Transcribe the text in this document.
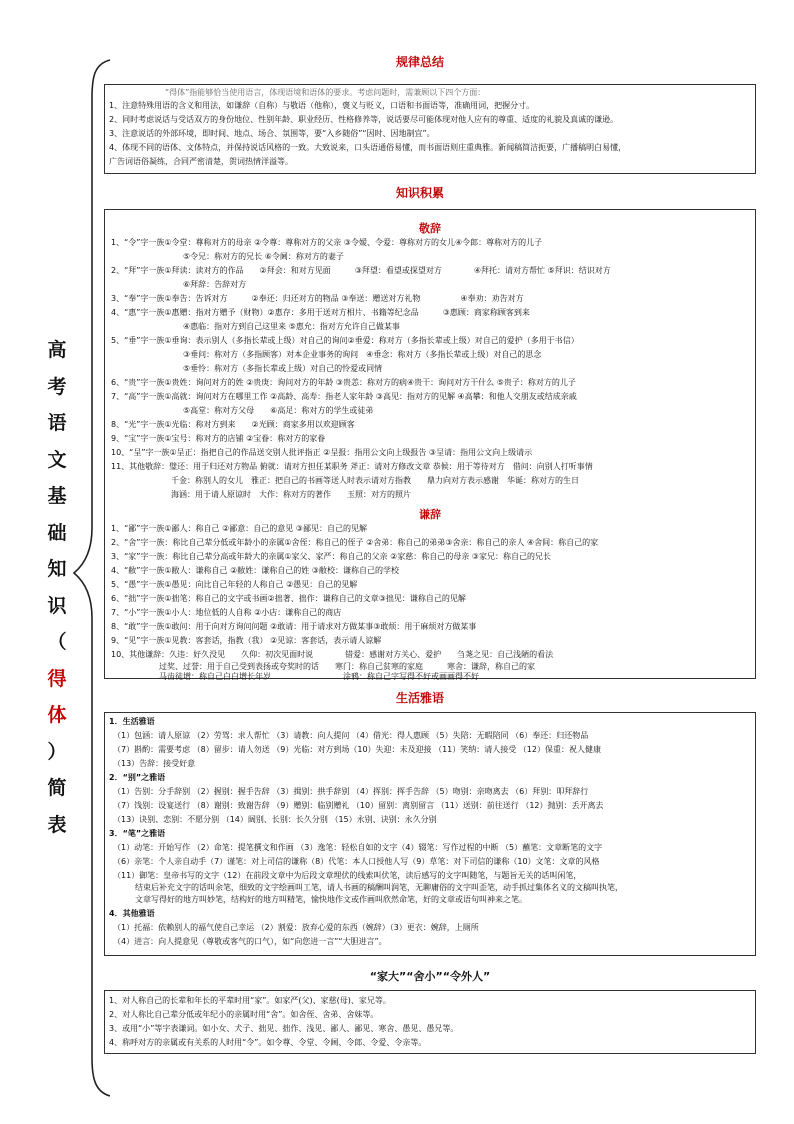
高
考
语
文
基
础
知
识
（
得
体
）
简
表
规律总结
“得体”指能够恰当使用语言，体现语境和语体的要求。考虑问题时，需兼顾以下四个方面：
1、注意特殊用语的含义和用法，如谦辞（自称）与敬语（他称），褒义与贬义，口语和书面语等，准确用词，把握分寸。
2、同时考虑说话与受话双方的身份地位、性别年龄、职业经历、性格修养等，说话要尽可能体现对他人应有的尊重、适度的礼貌及真诚的谦逊。
3、注意说话的外部环境，即时间、地点、场合、氛围等，要“入乡随俗”“因时、因地制宜”。
4、体现不同的语体、文体特点，并保持说话风格的一致。大致说来，口头语通俗易懂，而书面语则庄重典雅。新闻稿简洁扼要，广播稿明白易懂，
广告词语俗凝练，合同严密清楚，贺词热情洋溢等。
知识积累
敬辞
1、“令”字一族①令堂：尊称对方的母亲 ②令尊：尊称对方的父亲 ③令嫒、令爱：尊称对方的女儿④令郎：尊称对方的儿子
⑤令兄：称对方的兄长 ⑥令阃：称对方的妻子
2、“拜”字一族①拜读：读对方的作品　　②拜会：和对方见面　　　③拜望：看望或探望对方　　　　④拜托：请对方帮忙 ⑤拜识：结识对方
⑥拜辞：告辞对方
3、“奉”字一族①奉告：告诉对方　　　②奉还：归还对方的物品 ③奉送：赠送对方礼物　　　　　④奉劝：劝告对方
4、“惠”字一族①惠赠：指对方赠予（财物）②惠存：多用于送对方相片、书籍等纪念品　　　③惠顾：商家称顾客到来
④惠临：指对方到自己这里来 ⑤惠允：指对方允许自己做某事
5、“垂”字一族①垂询：表示别人（多指长辈或上级）对自己的询问②垂爱：称对方（多指长辈或上级）对自己的爱护（多用于书信）
③垂问：称对方（多指顾客）对本企业事务的询问　④垂念：称对方（多指长辈或上级）对自己的思念
⑤垂怜：称对方（多指长辈或上级）对自己的怜爱或同情
6、“贵”字一族①贵姓：询问对方的姓 ②贵庚：询问对方的年龄 ③贵恙：称对方的病④贵干：询问对方干什么 ⑤贵子：称对方的儿子
7、“高”字一族①高就：询问对方在哪里工作 ②高龄、高寿：指老人家年龄 ③高见：指对方的见解 ④高攀：和他人交朋友或结成亲戚
⑤高堂：称对方父母　　⑥高足：称对方的学生或徒弟
8、“光”字一族①光临：称对方到来　　②光顾：商家多用以欢迎顾客
9、“宝”字一族①宝号：称对方的店铺 ②宝眷：称对方的家眷
10、“呈”字一族①呈正：指把自己的作品送交别人批评指正 ②呈报：指用公文向上级报告 ③呈请：指用公文向上级请示
11、其他敬辞：璧还：用于归还对方物品 俯就：请对方担任某职务 斧正：请对方修改文章 恭候：用于等待对方　借问：向别人打听事情
千金：称别人的女儿　雅正：把自己的书画等送人时表示请对方指教　　鼎力向对方表示感谢　华诞：称对方的生日
海涵：用于请人原谅时　大作：称对方的著作　　玉照：对方的照片
谦辞
1、“鄙”字一族①鄙人：称自己 ②鄙意：自己的意见 ③鄙见：自己的见解
2、“舍”字一族：称比自己辈分低或年龄小的亲属①舍侄：称自己的侄子 ②舍弟：称自己的弟弟③舍亲：称自己的亲人 ④舍间：称自己的家
3、“家”字一族：称比自己辈分高或年龄大的亲属①家父、家严：称自己的父亲 ②家慈：称自己的母亲 ③家兄：称自己的兄长
4、“敝”字一族①敝人：谦称自己 ②敝姓：谦称自己的姓 ③敝校：谦称自己的学校
5、“愚”字一族①愚见：向比自己年轻的人称自己 ②愚见：自己的见解
6、“拙”字一族①拙笔：称自己的文字或书画②拙著、拙作：谦称自己的文章③拙见：谦称自己的见解
7、“小”字一族①小人：地位低的人自称 ②小店：谦称自己的商店
8、“敢”字一族①敢问：用于向对方询问问题 ②敢请：用于请求对方做某事③敢烦：用于麻烦对方做某事
9、“见”字一族①见教：客套话，指教（我） ②见谅：客套话，表示请人谅解
10、其他谦辞：久违：好久没见　　久仰：初次见面时说　　　　错爱：感谢对方关心、爱护　　刍荛之见：自己浅陋的看法
过奖、过誉：用于自己受到表扬或夸奖时的话　　寒门：称自己贫寒的家庭　　　寒舍：谦辞，称自己的家
马齿徒增：称自己白白增长年岁　　　　　　　　　涂鸦：称自己字写得不好或画画得不好
生活雅语
1．生活雅语
（1）包涵：请人原谅 （2）劳驾：求人帮忙 （3）请教：向人提问 （4）借光：得人惠顾 （5）失陪：无暇陪同 （6）奉还：归还物品
（7）斟酌：需要考虑 （8）留步：请人勿送 （9）光临：对方到场（10）失迎：未及迎接 （11）笑纳：请人接受 （12）保重：祝人健康
（13）告辞：接受好意
2．“别”之雅语
（1）告别：分手辞别 （2）握别：握手告辞 （3）揖别：拱手辞别 （4）挥别：挥手告辞 （5）吻别：亲吻离去 （6）拜别：叩拜辞行
（7）饯别：设宴送行 （8）谢别：致谢告辞 （9）赠别：临别赠礼 （10）留别：离别留言 （11）送别：前往送行 （12）抛别：丢开离去
（13）诀别、恋别：不愿分别 （14）阔别、长别：长久分别 （15）永别、诀别：永久分别
3．“笔”之雅语
（1）动笔：开始写作 （2）命笔：提笔撰文和作画 （3）逸笔：轻松自如的文字（4）辍笔：写作过程的中断 （5）蘸笔：文章断笔的文字
（6）亲笔：个人亲自动手（7）谨笔：对上司信的谦称（8）代笔：本人口授他人写（9）草笔：对下司信的谦称（10）文笔：文章的风格
（11）御笔：皇帝书写的文字（12）在前段文章中为后段文章埋伏的线索叫伏笔，读后感写的文字叫随笔，与题旨无关的话叫闲笔，
结束后补充文字的话叫余笔，细致的文字绘画叫工笔，请人书画的稿酬叫润笔，无聊庸俗的文字叫歪笔，动手抓过集体名义的文稿叫执笔，
文章写得好的地方叫妙笔，结构好的地方叫精笔，愉快地作文或作画叫欣然命笔，好的文章或语句叫神来之笔。
4．其他雅语
（1）托福：依赖别人的福气使自己幸运 （2）割爱：放弃心爱的东西（婉辞）（3）更衣：婉辞，上厕所
（4）进言：向人提意见（尊敬或客气的口气），如“向您进一言”“大胆进言”。
“家大”“舍小”“令外人”
1、对人称自己的长辈和年长的平辈时用“家”。如家严(父)、家慈(母)、家兄等。
2、对人称比自己辈分低或年纪小的亲属时用“舍”。如舍侄、舍弟、舍妹等。
3、或用“小”等字表谦词。如小女、犬子、拙见、拙作、浅见、鄙人、鄙见、寒舍、愚见、愚兄等。
4、称呼对方的亲属或有关系的人时用“令”。如令尊、令堂、令阃、令郎、令爱、令亲等。
